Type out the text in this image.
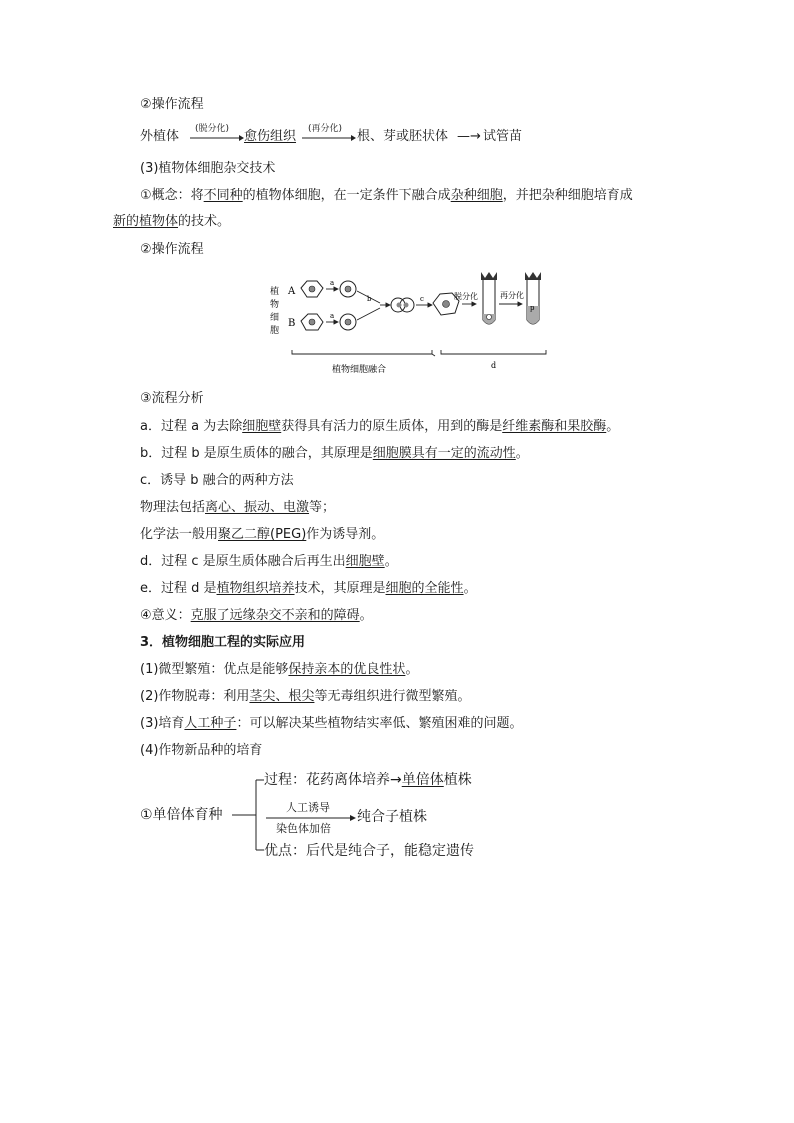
②操作流程
外植体 (脱分化) 愈伤组织 (再分化) 根、芽或胚状体 —→ 试管苗
(3)植物体细胞杂交技术
①概念：将不同种的植物体细胞，在一定条件下融合成杂种细胞，并把杂种细胞培育成
新的植物体的技术。
②操作流程
植
物
细
胞
A
a
B
a
b	c	脱分化	再分化
p
植物细胞融合	d
③流程分析
a．过程 a 为去除细胞壁获得具有活力的原生质体，用到的酶是纤维素酶和果胶酶。
b．过程 b 是原生质体的融合，其原理是细胞膜具有一定的流动性。
c．诱导 b 融合的两种方法
物理法包括离心、振动、电激等；
化学法一般用聚乙二醇(PEG)作为诱导剂。
d．过程 c 是原生质体融合后再生出细胞壁。
e．过程 d 是植物组织培养技术，其原理是细胞的全能性。
④意义：克服了远缘杂交不亲和的障碍。
3．植物细胞工程的实际应用
(1)微型繁殖：优点是能够保持亲本的优良性状。
(2)作物脱毒：利用茎尖、根尖等无毒组织进行微型繁殖。
(3)培育人工种子：可以解决某些植物结实率低、繁殖困难的问题。
(4)作物新品种的培育
①单倍体育种
过程：花药离体培养→单倍体植株
人工诱导
染色体加倍
纯合子植株
优点：后代是纯合子，能稳定遗传
